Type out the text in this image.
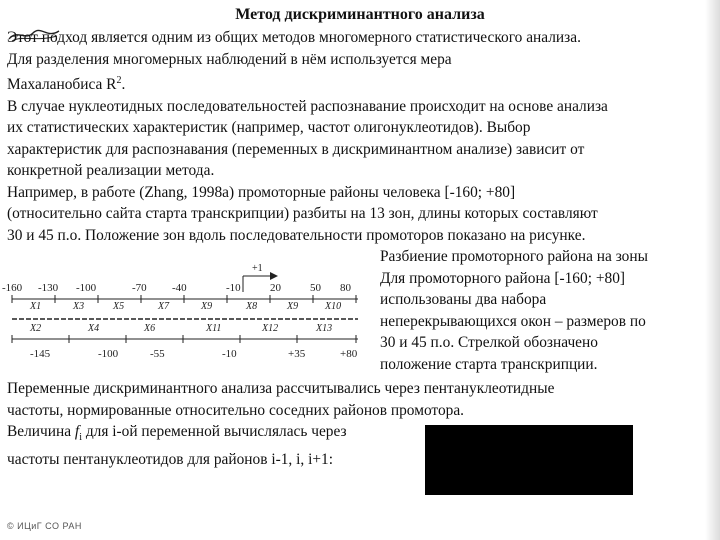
Метод дискриминантного анализа
Этот подход является одним из общих методов многомерного статистического анализа.
Для разделения многомерных наблюдений в нём используется мера
Махаланобиса $R^2$.
В случае нуклеотидных последовательностей распознавание происходит на основе анализа
их статистических характеристик (например, частот олигонуклеотидов). Выбор
характеристик для распознавания (переменных в дискриминантном анализе) зависит от
конкретной реализации метода.
Например, в работе (Zhang, 1998a) промоторные районы человека [-160; +80]
(относительно сайта старта транскрипции) разбиты на 13 зон, длины которых составляют
30 и 45 п.о. Положение зон вдоль последовательности промоторов показано на рисунке.
+1
-160 -130 -100	-70 -40	-10	20	50 80
X1	X3	X5	X7	X9	X8	X9	X10
X2	X4	X6	X11	X12	X13
-145	-100	-55	-10	+35	+80
Разбиение промоторного района на зоны
Для промоторного района [-160; +80]
использованы два набора
неперекрывающихся окон – размеров по
30 и 45 п.о. Стрелкой обозначено
положение старта транскрипции.
Переменные дискриминантного анализа рассчитывались через пентануклеотидные
частоты, нормированные относительно соседних районов промотора.
Величина $f_i$ для i-ой переменной вычислялась через
частоты пентануклеотидов для районов i-1, i, i+1:
© ИЦиГ СО РАН
